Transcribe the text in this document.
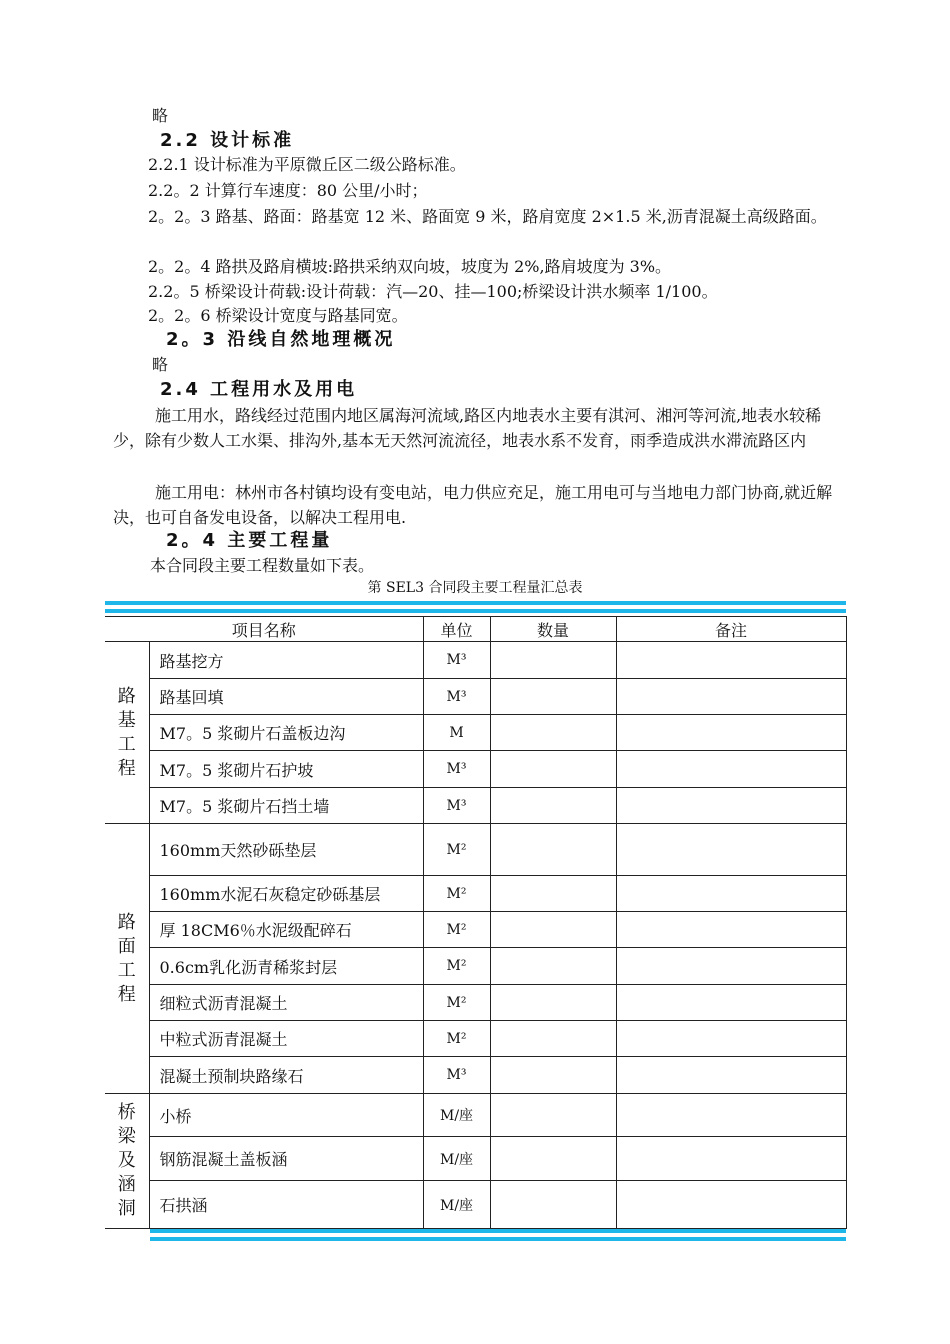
略
2.2 设计标准
2.2.1 设计标准为平原微丘区二级公路标准。
2.2。2 计算行车速度：80 公里/小时；
2。2。3 路基、路面：路基宽 12 米、路面宽 9 米，路肩宽度 2×1.5 米,沥青混凝土高级路面。
2。2。4 路拱及路肩横坡:路拱采纳双向坡，坡度为 2%,路肩坡度为 3%。
2.2。5 桥梁设计荷载:设计荷载：汽—20、挂—100;桥梁设计洪水频率 1/100。
2。2。6 桥梁设计宽度与路基同宽。
2。3 沿线自然地理概况
略
2.4 工程用水及用电
施工用水，路线经过范围内地区属海河流域,路区内地表水主要有淇河、湘河等河流,地表水较稀少，除有少数人工水渠、排沟外,基本无天然河流流径，地表水系不发育，雨季造成洪水滞流路区内
施工用电：林州市各村镇均设有变电站，电力供应充足，施工用电可与当地电力部门协商,就近解决，也可自备发电设备，以解决工程用电.
2。4 主要工程量
本合同段主要工程数量如下表。
第 SEL3 合同段主要工程量汇总表
项目名称		单位	数量	备注
路基工程	路基挖方	M³		
	路基回填	M³		
	M7。5 浆砌片石盖板边沟	M		
	M7。5 浆砌片石护坡	M³		
	M7。5 浆砌片石挡土墙	M³		
路面工程	160mm天然砂砾垫层	M²		
	160mm水泥石灰稳定砂砾基层	M²		
	厚 18CM6％水泥级配碎石	M²		
	0.6cm乳化沥青稀浆封层	M²		
	细粒式沥青混凝土	M²		
	中粒式沥青混凝土	M²		
	混凝土预制块路缘石	M³		
桥梁及涵洞	小桥	M/座		
	钢筋混凝土盖板涵	M/座		
	石拱涵	M/座		
